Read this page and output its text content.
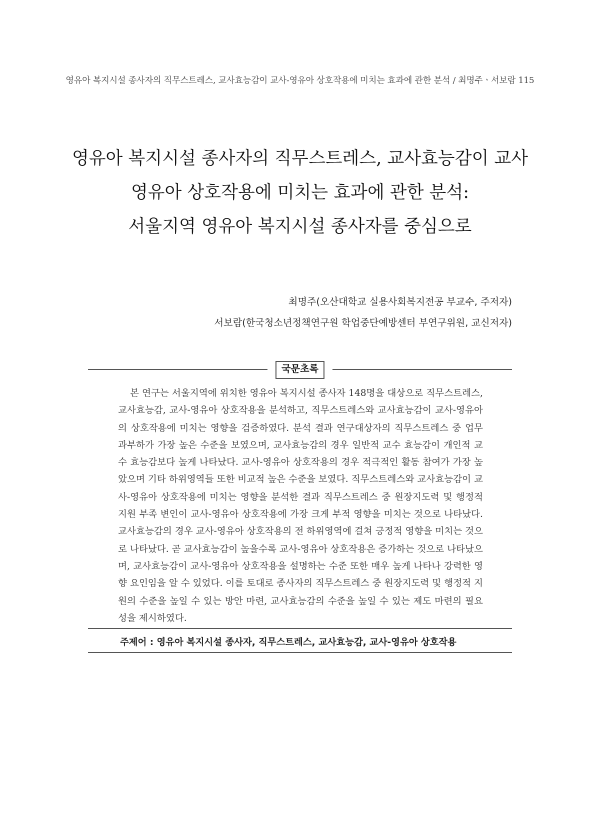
영유아 복지시설 종사자의 직무스트레스, 교사효능감이 교사-영유아 상호작용에 미치는 효과에 관한 분석 / 최명주ㆍ서보람 115
영유아 복지시설 종사자의 직무스트레스, 교사효능감이 교사
영유아 상호작용에 미치는 효과에 관한 분석:
서울지역 영유아 복지시설 종사자를 중심으로
최명주(오산대학교 실용사회복지전공 부교수, 주저자)
서보람(한국청소년정책연구원 학업중단예방센터 부연구위원, 교신저자)
국문초록

본 연구는 서울지역에 위치한 영유아 복지시설 종사자 148명을 대상으로 직무스트레스, 교사효능감, 교사-영유아 상호작용을 분석하고, 직무스트레스와 교사효능감이 교사-영유아의 상호작용에 미치는 영향을 검증하였다. 분석 결과 연구대상자의 직무스트레스 중 업무 과부하가 가장 높은 수준을 보였으며, 교사효능감의 경우 일반적 교수 효능감이 개인적 교수 효능감보다 높게 나타났다. 교사-영유아 상호작용의 경우 적극적인 활동 참여가 가장 높았으며 기타 하위영역들 또한 비교적 높은 수준을 보였다. 직무스트레스와 교사효능감이 교사-영유아 상호작용에 미치는 영향을 분석한 결과 직무스트레스 중 원장지도력 및 행정적 지원 부족 변인이 교사-영유아 상호작용에 가장 크게 부적 영향을 미치는 것으로 나타났다. 교사효능감의 경우 교사-영유아 상호작용의 전 하위영역에 걸쳐 긍정적 영향을 미치는 것으로 나타났다. 곧 교사효능감이 높을수록 교사-영유아 상호작용은 증가하는 것으로 나타났으며, 교사효능감이 교사-영유아 상호작용을 설명하는 수준 또한 매우 높게 나타나 강력한 영향 요인임을 알 수 있었다. 이를 토대로 종사자의 직무스트레스 중 원장지도력 및 행정적 지원의 수준을 높일 수 있는 방안 마련, 교사효능감의 수준을 높일 수 있는 제도 마련의 필요성을 제시하였다.

주제어 : 영유아 복지시설 종사자, 직무스트레스, 교사효능감, 교사-영유아 상호작용
